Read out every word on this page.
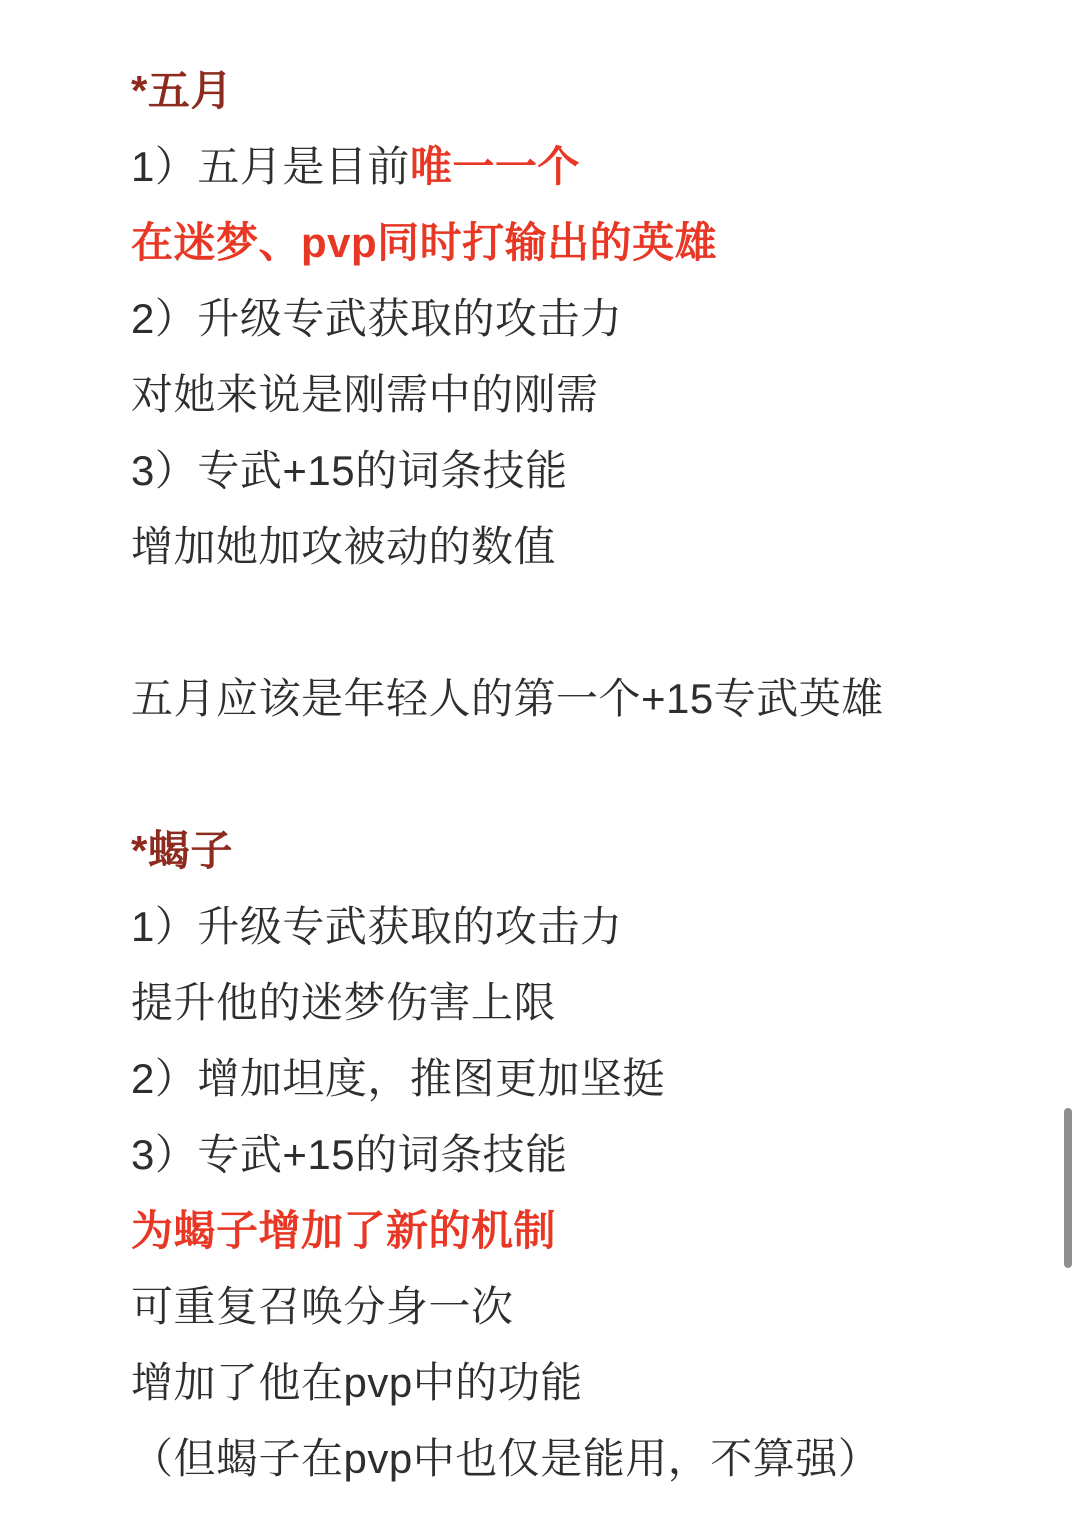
*五月

1）五月是目前唯一一个

在迷梦、pvp同时打输出的英雄

2）升级专武获取的攻击力

对她来说是刚需中的刚需

3）专武+15的词条技能

增加她加攻被动的数值

五月应该是年轻人的第一个+15专武英雄

*蝎子

1）升级专武获取的攻击力

提升他的迷梦伤害上限

2）增加坦度，推图更加坚挺

3）专武+15的词条技能

为蝎子增加了新的机制

可重复召唤分身一次

增加了他在pvp中的功能

（但蝎子在pvp中也仅是能用，不算强）
